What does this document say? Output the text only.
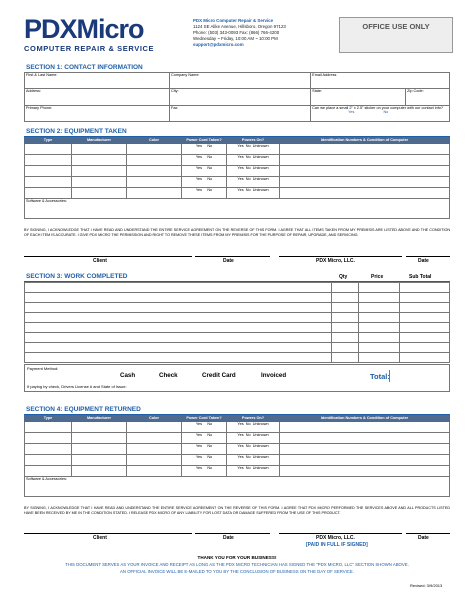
PDXMicro
COMPUTER REPAIR & SERVICE
PDX Micro Computer Repair & Service
1124 SE Alike Avenue, Hillsboro, Oregon 97123
Phone: (503) 343-0093 Fax: (866) 766-4200
Wednesday ~ Friday, 10:00 AM ~ 10:00 PM
support@pdxmicro.com
OFFICE USE ONLY
SECTION 1: CONTACT INFORMATION
First & Last Name:	Company Name:	Email Address	
Address:	City:	State:	Zip Code:
Primary Phone:	Fax:	Can we place a small 2" x 2.5" sticker on your computer with our contact info?
Yes No	
SECTION 2: EQUIPMENT TAKEN
Type	Manufacturer	Color	Power Cord Taken?	Powers On?	Identification Numbers & Condition of Computer
			Yes No	Yes No Unknown	
			Yes No	Yes No Unknown	
			Yes No	Yes No Unknown	
			Yes No	Yes No Unknown	
			Yes No	Yes No Unknown	
Software & Accessories:					
BY SIGNING, I ACKNOWLEDGE THAT I HAVE READ AND UNDERSTAND THE ENTIRE SERVICE AGREEMENT ON THE REVERSE OF THIS FORM. I AGREE THAT ALL ITEMS TAKEN FROM MY PREMISIS ARE LISTED ABOVE AND THE CONDITION OF EACH ITEM IS ACCURATE. I GIVE PDX MICRO THE PERMISSION AND RIGHT TO REMOVE THESE ITEMS FROM MY PREMISIS FOR THE PURPOSE OF REPAIR, UPGRADE, AND SERVICING.
Client	Date	PDX Micro, LLC.	Date
SECTION 3: WORK COMPLETED	Qty	Price	Sub Total

Payment Method:
Cash	Check	Credit Card	Invoiced	Total:
If paying by check, Drivers License # and State of Issue:
SECTION 4: EQUIPMENT RETURNED
Type	Manufacturer	Color	Power Cord Taken?	Powers On?	Identification Numbers & Condition of Computer
			Yes No	Yes No Unknown	
			Yes No	Yes No Unknown	
			Yes No	Yes No Unknown	
			Yes No	Yes No Unknown	
			Yes No	Yes No Unknown	
Software & Accessories:					
BY SIGNING, I ACKNOWLEDGE THAT I HAVE READ AND UNDERSTAND THE ENTIRE SERVICE AGREEMENT ON THE REVERSE OF THIS FORM. I AGREE THAT PDX MICRO PERFORMED THE SERVICES ABOVE AND ALL PRODUCTS LISTED HAVE BEEN RECEIVED BY ME IN THE CONDITION STATED. I RELEASE PDX MICRO OF ANY LIABILITY FOR LOST DATA OR DAMAGE SUFFERED FROM THE USE OF THIS PRODUCT.
Client	Date	PDX Micro, LLC.	Date
[PAID IN FULL IF SIGNED]
THANK YOU FOR YOUR BUSINESS!
THIS DOCUMENT SERVES AS YOUR INVOICE AND RECEIPT AS LONG AS THE PDX MICRO TECHNICIAN HAS SIGNED THE "PDX MICRO, LLC" SECTION SHOWN ABOVE.
AN OFFICIAL INVOICE WILL BE E-MAILED TO YOU BY THE CONCLUSION OF BUSINESS ON THE DAY OF SERVICE.
Revised: 3/9/2013
